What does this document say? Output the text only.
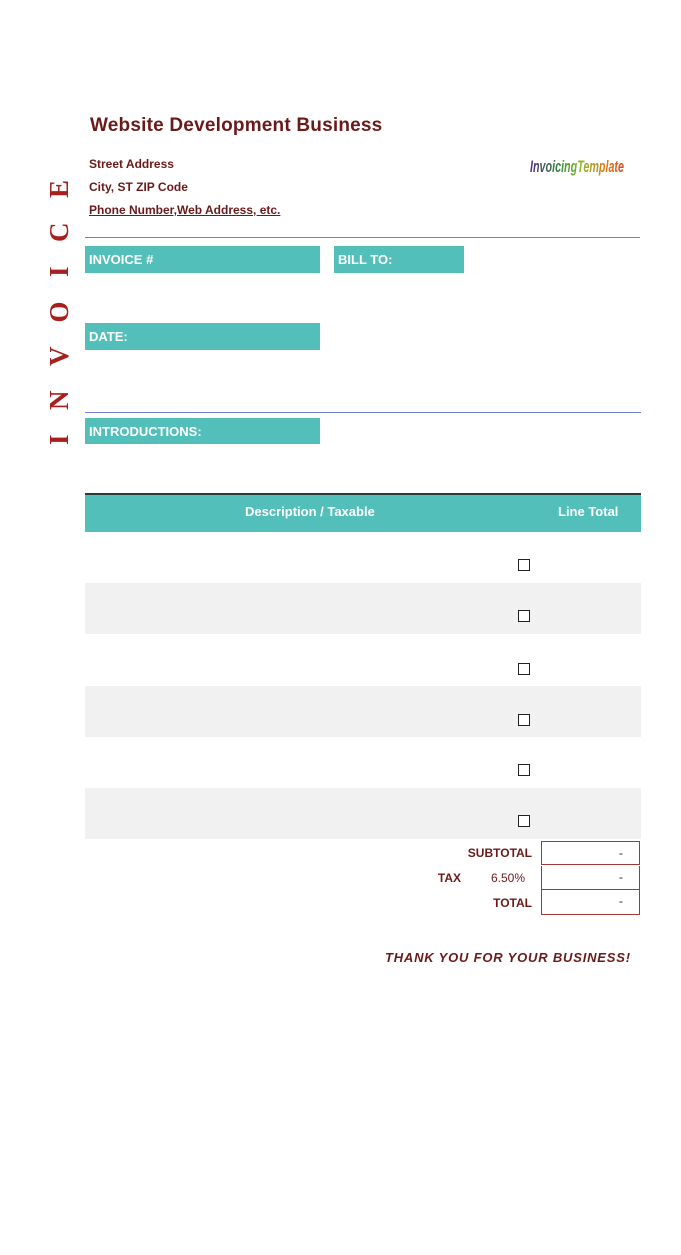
Website Development Business
Street Address
City, ST ZIP Code
Phone Number,Web Address, etc.
InvoicingTemplate
INVOICE
INVOICE #	BILL TO:
DATE:
INTRODUCTIONS:
Description / Taxable	Line Total
SUBTOTAL	-
TAX	6.50%	-
TOTAL	-
THANK YOU FOR YOUR BUSINESS!
